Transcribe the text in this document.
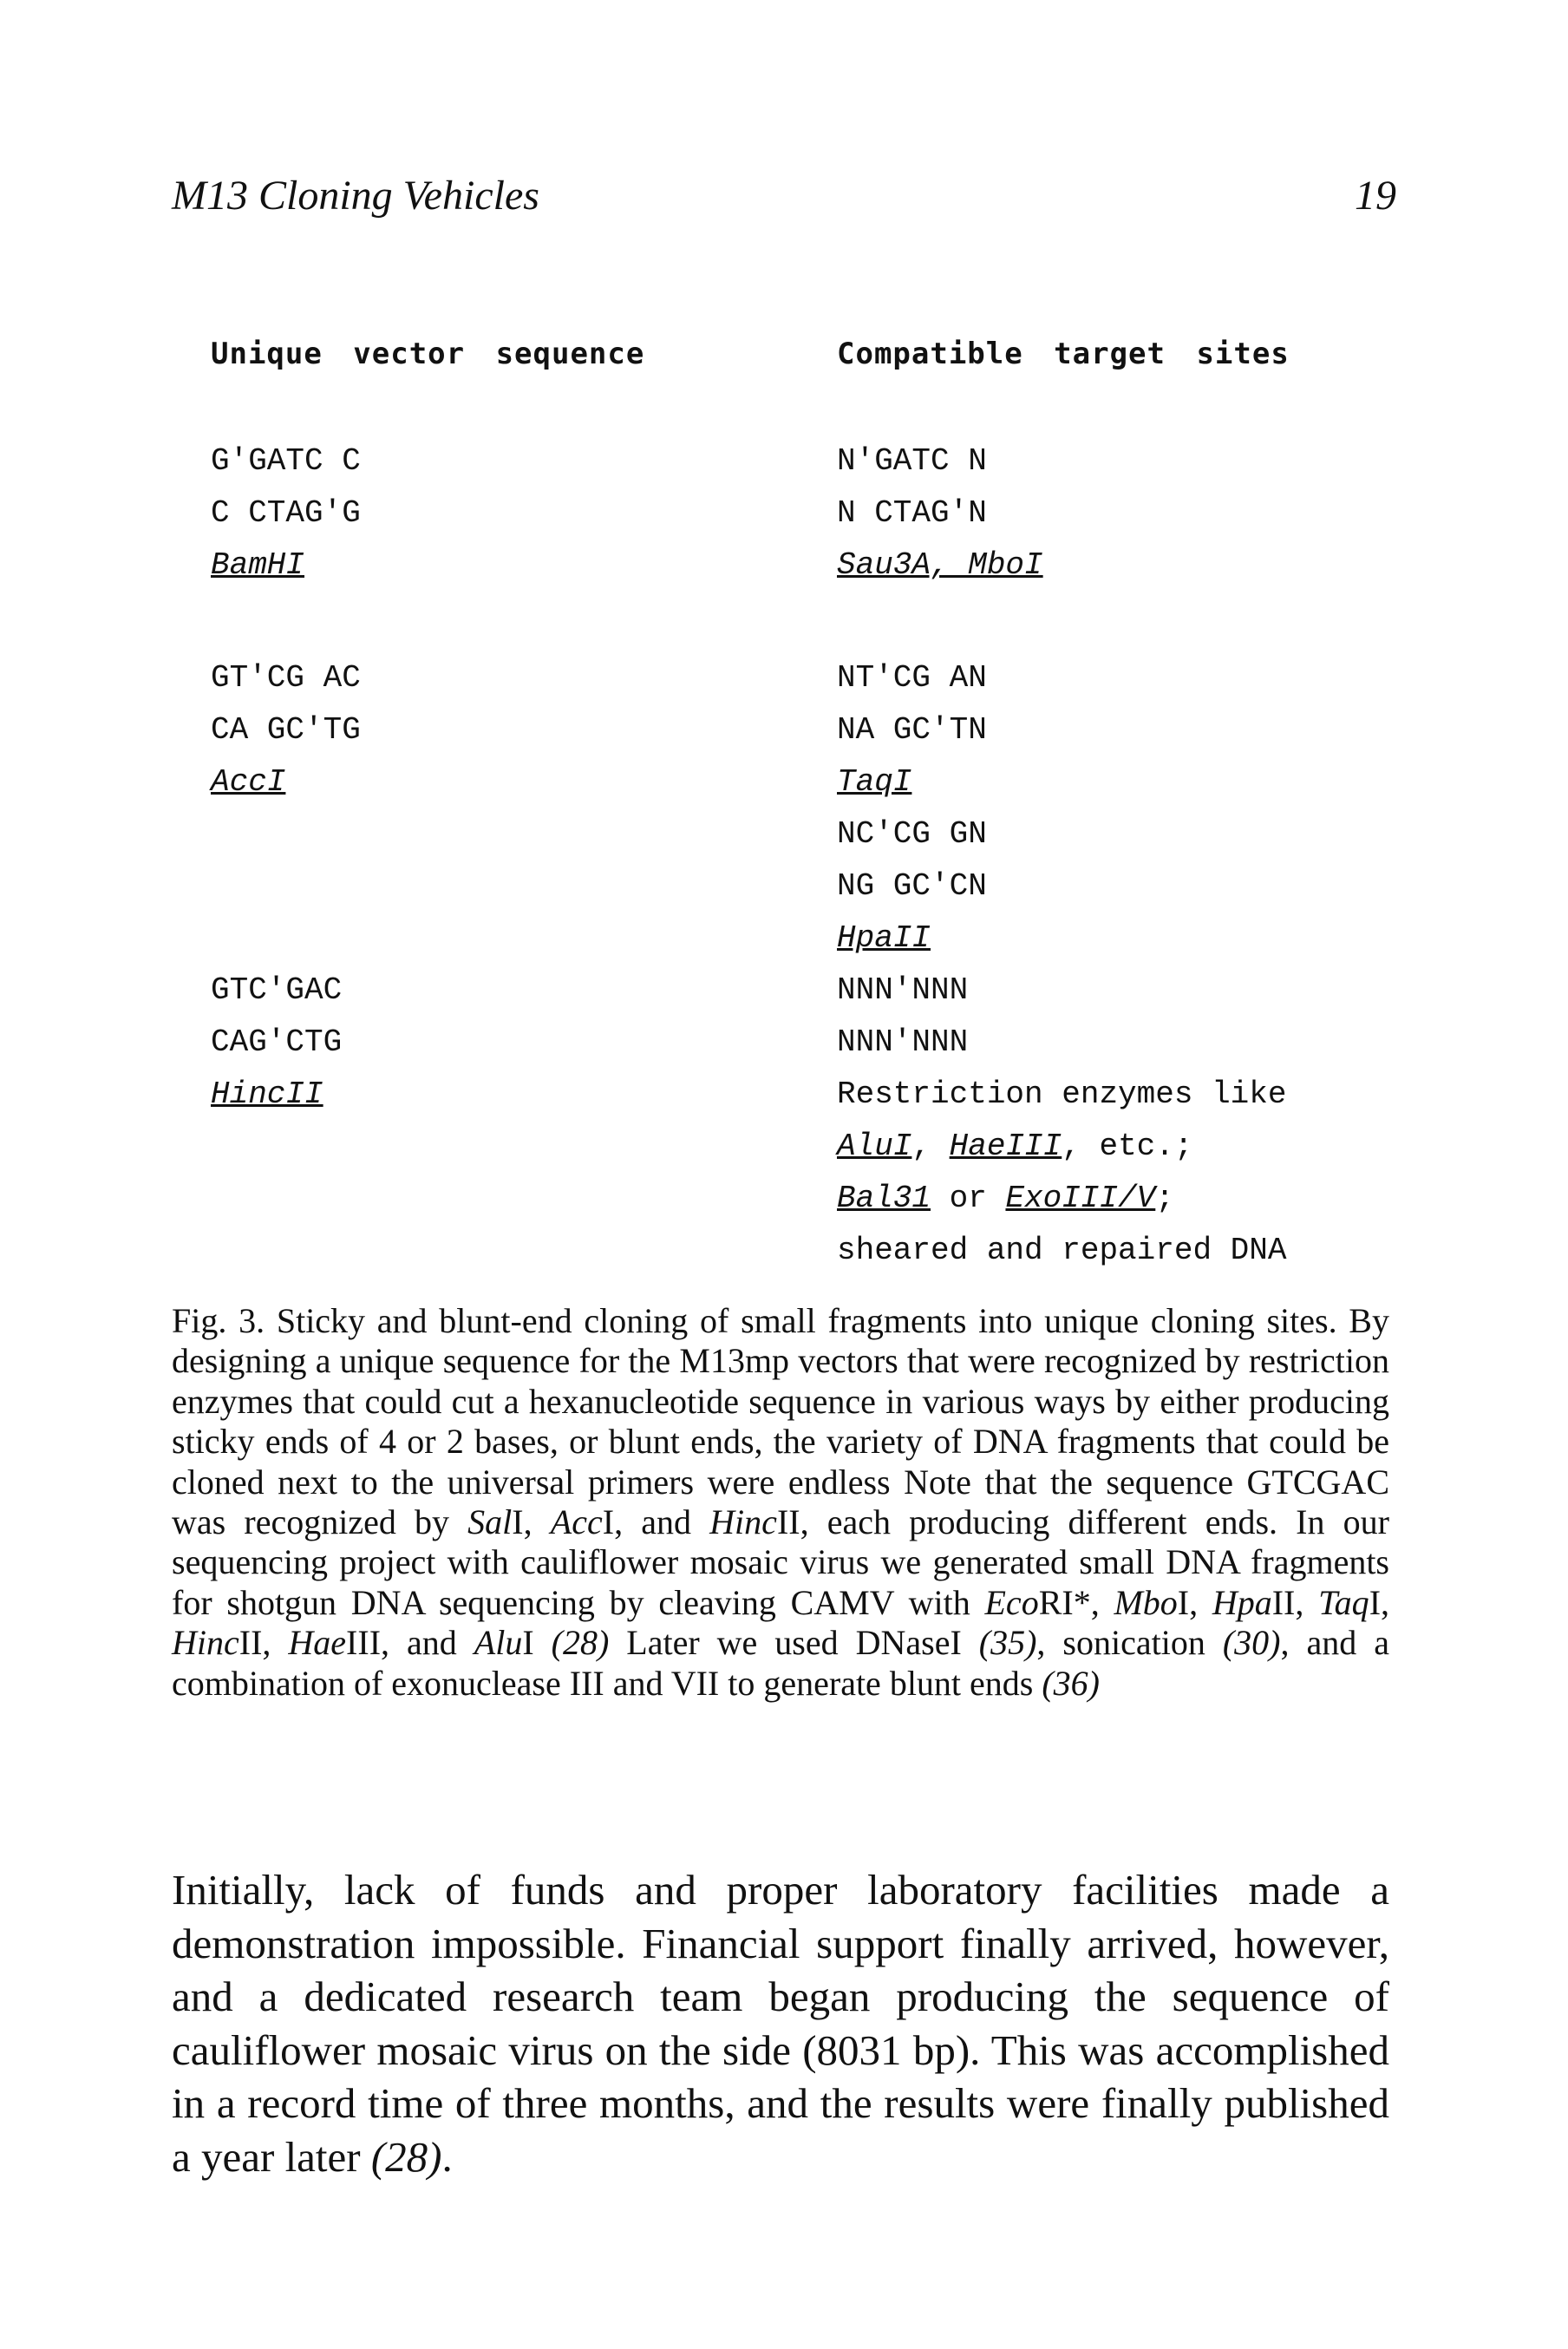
M13 Cloning Vehicles	19
Unique vector sequence	Compatible target sites
G'GATC C
C CTAG'G
BamHI
N'GATC N
N CTAG'N
Sau3A, MboI
GT'CG AC
CA GC'TG
AccI
NT'CG AN
NA GC'TN
TaqI
NC'CG GN
NG GC'CN
HpaII
GTC'GAC
CAG'CTG
HincII
NNN'NNN
NNN'NNN
Restriction enzymes like
AluI, HaeIII, etc.;
Bal31 or ExoIII/V;
sheared and repaired DNA
Fig. 3. Sticky and blunt-end cloning of small fragments into unique cloning sites. By designing a unique sequence for the M13mp vectors that were recognized by restriction enzymes that could cut a hexanucleotide sequence in various ways by either producing sticky ends of 4 or 2 bases, or blunt ends, the variety of DNA fragments that could be cloned next to the universal primers were endless Note that the sequence GTCGAC was recognized by SalI, AccI, and HincII, each producing different ends. In our sequencing project with cauliflower mosaic virus we generated small DNA fragments for shotgun DNA sequencing by cleaving CAMV with EcoRI*, MboI, HpaII, TaqI, HincII, HaeIII, and AluI (28) Later we used DNaseI (35), sonication (30), and a combination of exonuclease III and VII to generate blunt ends (36)
Initially, lack of funds and proper laboratory facilities made a demonstration impossible. Financial support finally arrived, however, and a dedicated research team began producing the sequence of cauliflower mosaic virus on the side (8031 bp). This was accomplished in a record time of three months, and the results were finally published a year later (28).
